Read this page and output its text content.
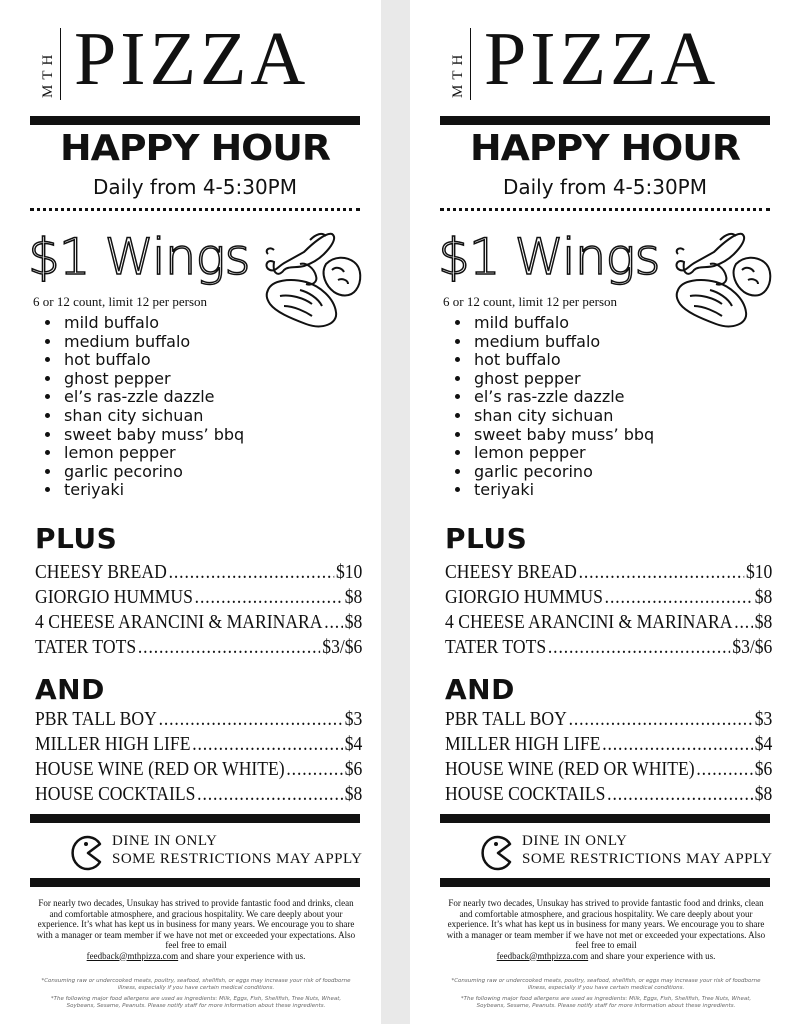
MTH PIZZA
HAPPY HOUR
Daily from 4-5:30PM
$1 Wings
6 or 12 count, limit 12 per person
• mild buffalo
• medium buffalo
• hot buffalo
• ghost pepper
• el’s ras-zzle dazzle
• shan city sichuan
• sweet baby muss’ bbq
• lemon pepper
• garlic pecorino
• teriyaki
PLUS
CHEESY BREAD .....	$10
GIORGIO HUMMUS .....	$8
4 CHEESE ARANCINI & MARINARA ..... $8
TATER TOTS .....	$3/$6
AND
PBR TALL BOY .....	$3
MILLER HIGH LIFE .....	$4
HOUSE WINE (RED OR WHITE) .....	$6
HOUSE COCKTAILS .....	$8
DINE IN ONLY
SOME RESTRICTIONS MAY APPLY
For nearly two decades, Unsukay has strived to provide fantastic food and drinks, clean and comfortable atmosphere, and gracious hospitality. We care deeply about your experience. It’s what has kept us in business for many years. We encourage you to share with a manager or team member if we have not met or exceeded your expectations. Also feel free to email
feedback@mthpizza.com and share your experience with us.
*Consuming raw or undercooked meats, poultry, seafood, shellfish, or eggs may increase your risk of foodborne illness, especially if you have certain medical conditions.
*The following major food allergens are used as ingredients: Milk, Eggs, Fish, Shellfish, Tree Nuts, Wheat, Soybeans, Sesame, Peanuts. Please notify staff for more information about these ingredients.
MTH PIZZA
HAPPY HOUR
Daily from 4-5:30PM
$1 Wings
6 or 12 count, limit 12 per person
• mild buffalo
• medium buffalo
• hot buffalo
• ghost pepper
• el’s ras-zzle dazzle
• shan city sichuan
• sweet baby muss’ bbq
• lemon pepper
• garlic pecorino
• teriyaki
PLUS
CHEESY BREAD .....	$10
GIORGIO HUMMUS .....	$8
4 CHEESE ARANCINI & MARINARA ..... $8
TATER TOTS .....	$3/$6
AND
PBR TALL BOY .....	$3
MILLER HIGH LIFE .....	$4
HOUSE WINE (RED OR WHITE) .....	$6
HOUSE COCKTAILS .....	$8
DINE IN ONLY
SOME RESTRICTIONS MAY APPLY
For nearly two decades, Unsukay has strived to provide fantastic food and drinks, clean and comfortable atmosphere, and gracious hospitality. We care deeply about your experience. It’s what has kept us in business for many years. We encourage you to share with a manager or team member if we have not met or exceeded your expectations. Also feel free to email
feedback@mthpizza.com and share your experience with us.
*Consuming raw or undercooked meats, poultry, seafood, shellfish, or eggs may increase your risk of foodborne illness, especially if you have certain medical conditions.
*The following major food allergens are used as ingredients: Milk, Eggs, Fish, Shellfish, Tree Nuts, Wheat, Soybeans, Sesame, Peanuts. Please notify staff for more information about these ingredients.
